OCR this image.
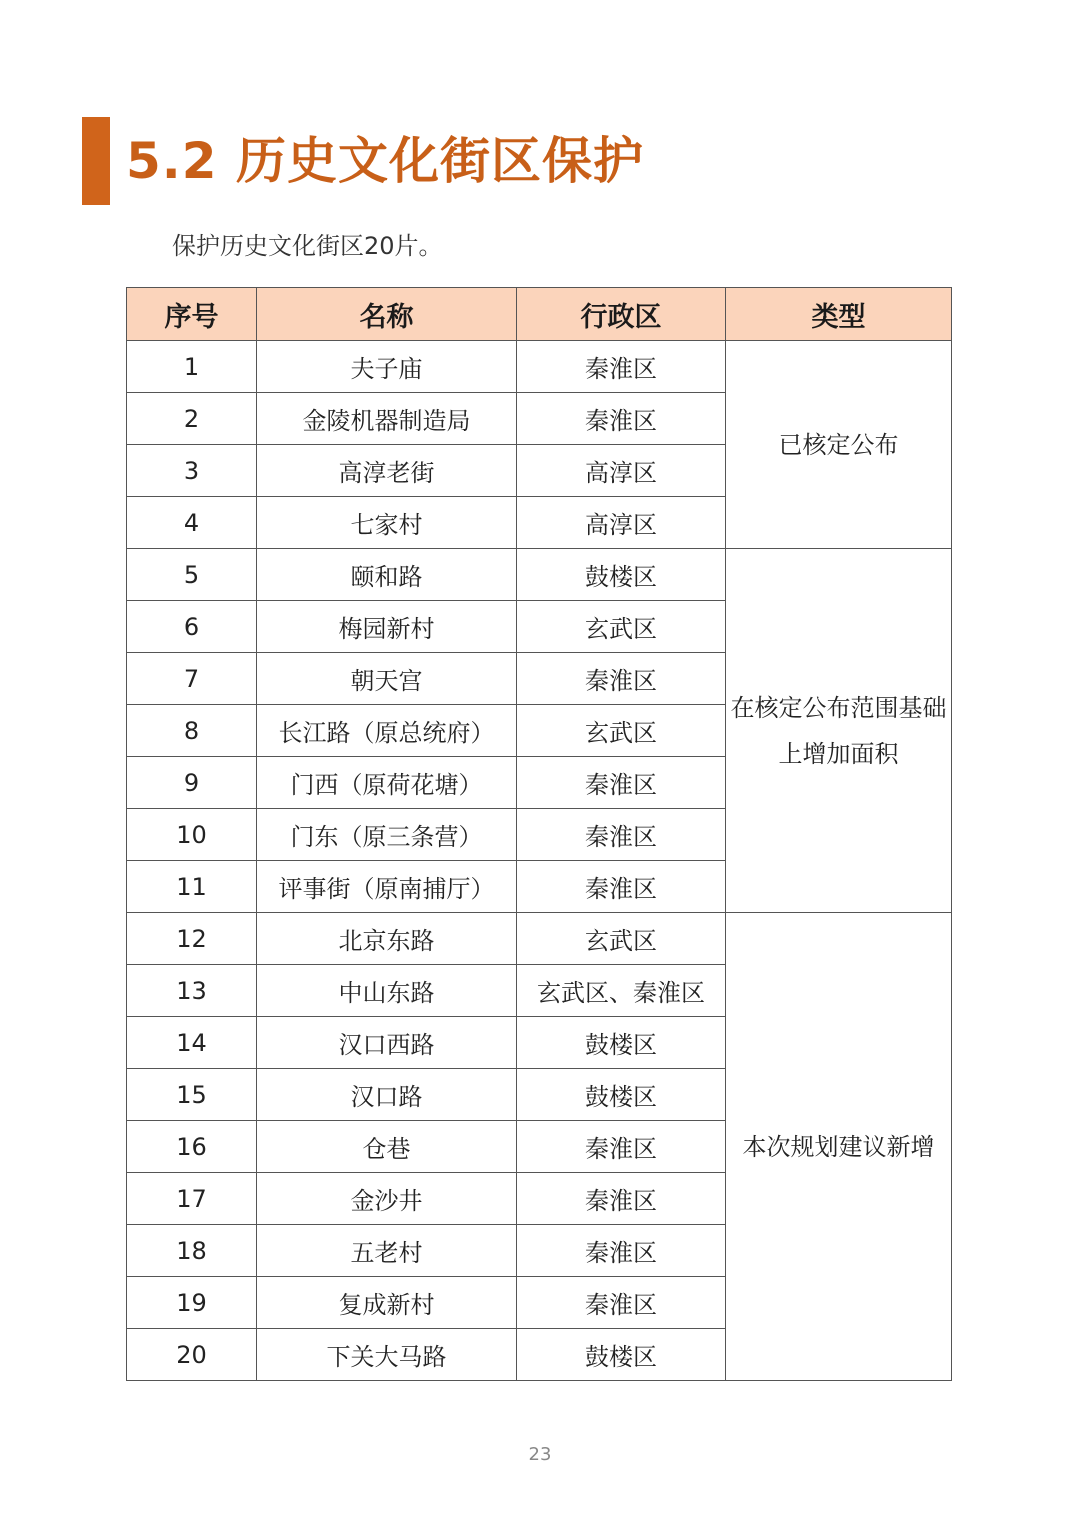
5.2 历史文化街区保护
保护历史文化街区20片。
序号	名称	行政区	类型
1	夫子庙	秦淮区	已核定公布
2	金陵机器制造局	秦淮区	
3	高淳老街	高淳区	
4	七家村	高淳区	
5	颐和路	鼓楼区	在核定公布范围基础上增加面积
6	梅园新村	玄武区	
7	朝天宫	秦淮区	
8	长江路（原总统府）	玄武区	
9	门西（原荷花塘）	秦淮区	
10	门东（原三条营）	秦淮区	
11	评事街（原南捕厅）	秦淮区	
12	北京东路	玄武区	本次规划建议新增
13	中山东路	玄武区、秦淮区	
14	汉口西路	鼓楼区	
15	汉口路	鼓楼区	
16	仓巷	秦淮区	
17	金沙井	秦淮区	
18	五老村	秦淮区	
19	复成新村	秦淮区	
20	下关大马路	鼓楼区	
23
